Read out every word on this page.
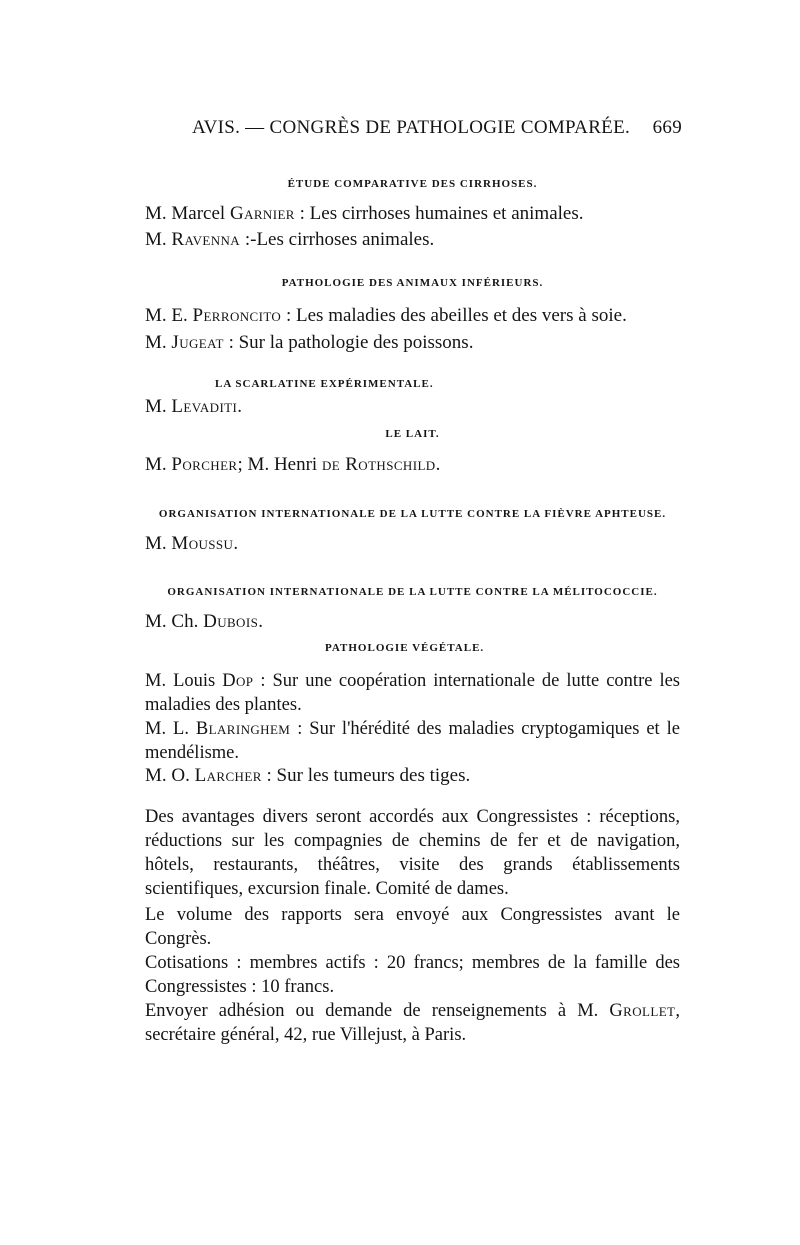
AVIS. — CONGRÈS DE PATHOLOGIE COMPARÉE. 669
ÉTUDE COMPARATIVE DES CIRRHOSES.
M. Marcel Garnier : Les cirrhoses humaines et animales.
M. Ravenna :-Les cirrhoses animales.
PATHOLOGIE DES ANIMAUX INFÉRIEURS.
M. E. Perroncito : Les maladies des abeilles et des vers à soie.
M. Jugeat : Sur la pathologie des poissons.
LA SCARLATINE EXPÉRIMENTALE.
M. Levaditi.
LE LAIT.
M. Porcher; M. Henri de Rothschild.
ORGANISATION INTERNATIONALE DE LA LUTTE CONTRE LA FIÈVRE APHTEUSE.
M. Moussu.
ORGANISATION INTERNATIONALE DE LA LUTTE CONTRE LA MÉLITOCOCCIE.
M. Ch. Dubois.
PATHOLOGIE VÉGÉTALE.
M. Louis Dop : Sur une coopération internationale de lutte contre les maladies des plantes.
M. L. Blaringhem : Sur l'hérédité des maladies cryptogamiques et le mendélisme.
M. O. Larcher : Sur les tumeurs des tiges.
Des avantages divers seront accordés aux Congressistes : réceptions, réductions sur les compagnies de chemins de fer et de navigation, hôtels, restaurants, théâtres, visite des grands établissements scientifiques, excursion finale. Comité de dames.
Le volume des rapports sera envoyé aux Congressistes avant le Congrès.
Cotisations : membres actifs : 20 francs; membres de la famille des Congressistes : 10 francs.
Envoyer adhésion ou demande de renseignements à M. Grollet, secrétaire général, 42, rue Villejust, à Paris.
